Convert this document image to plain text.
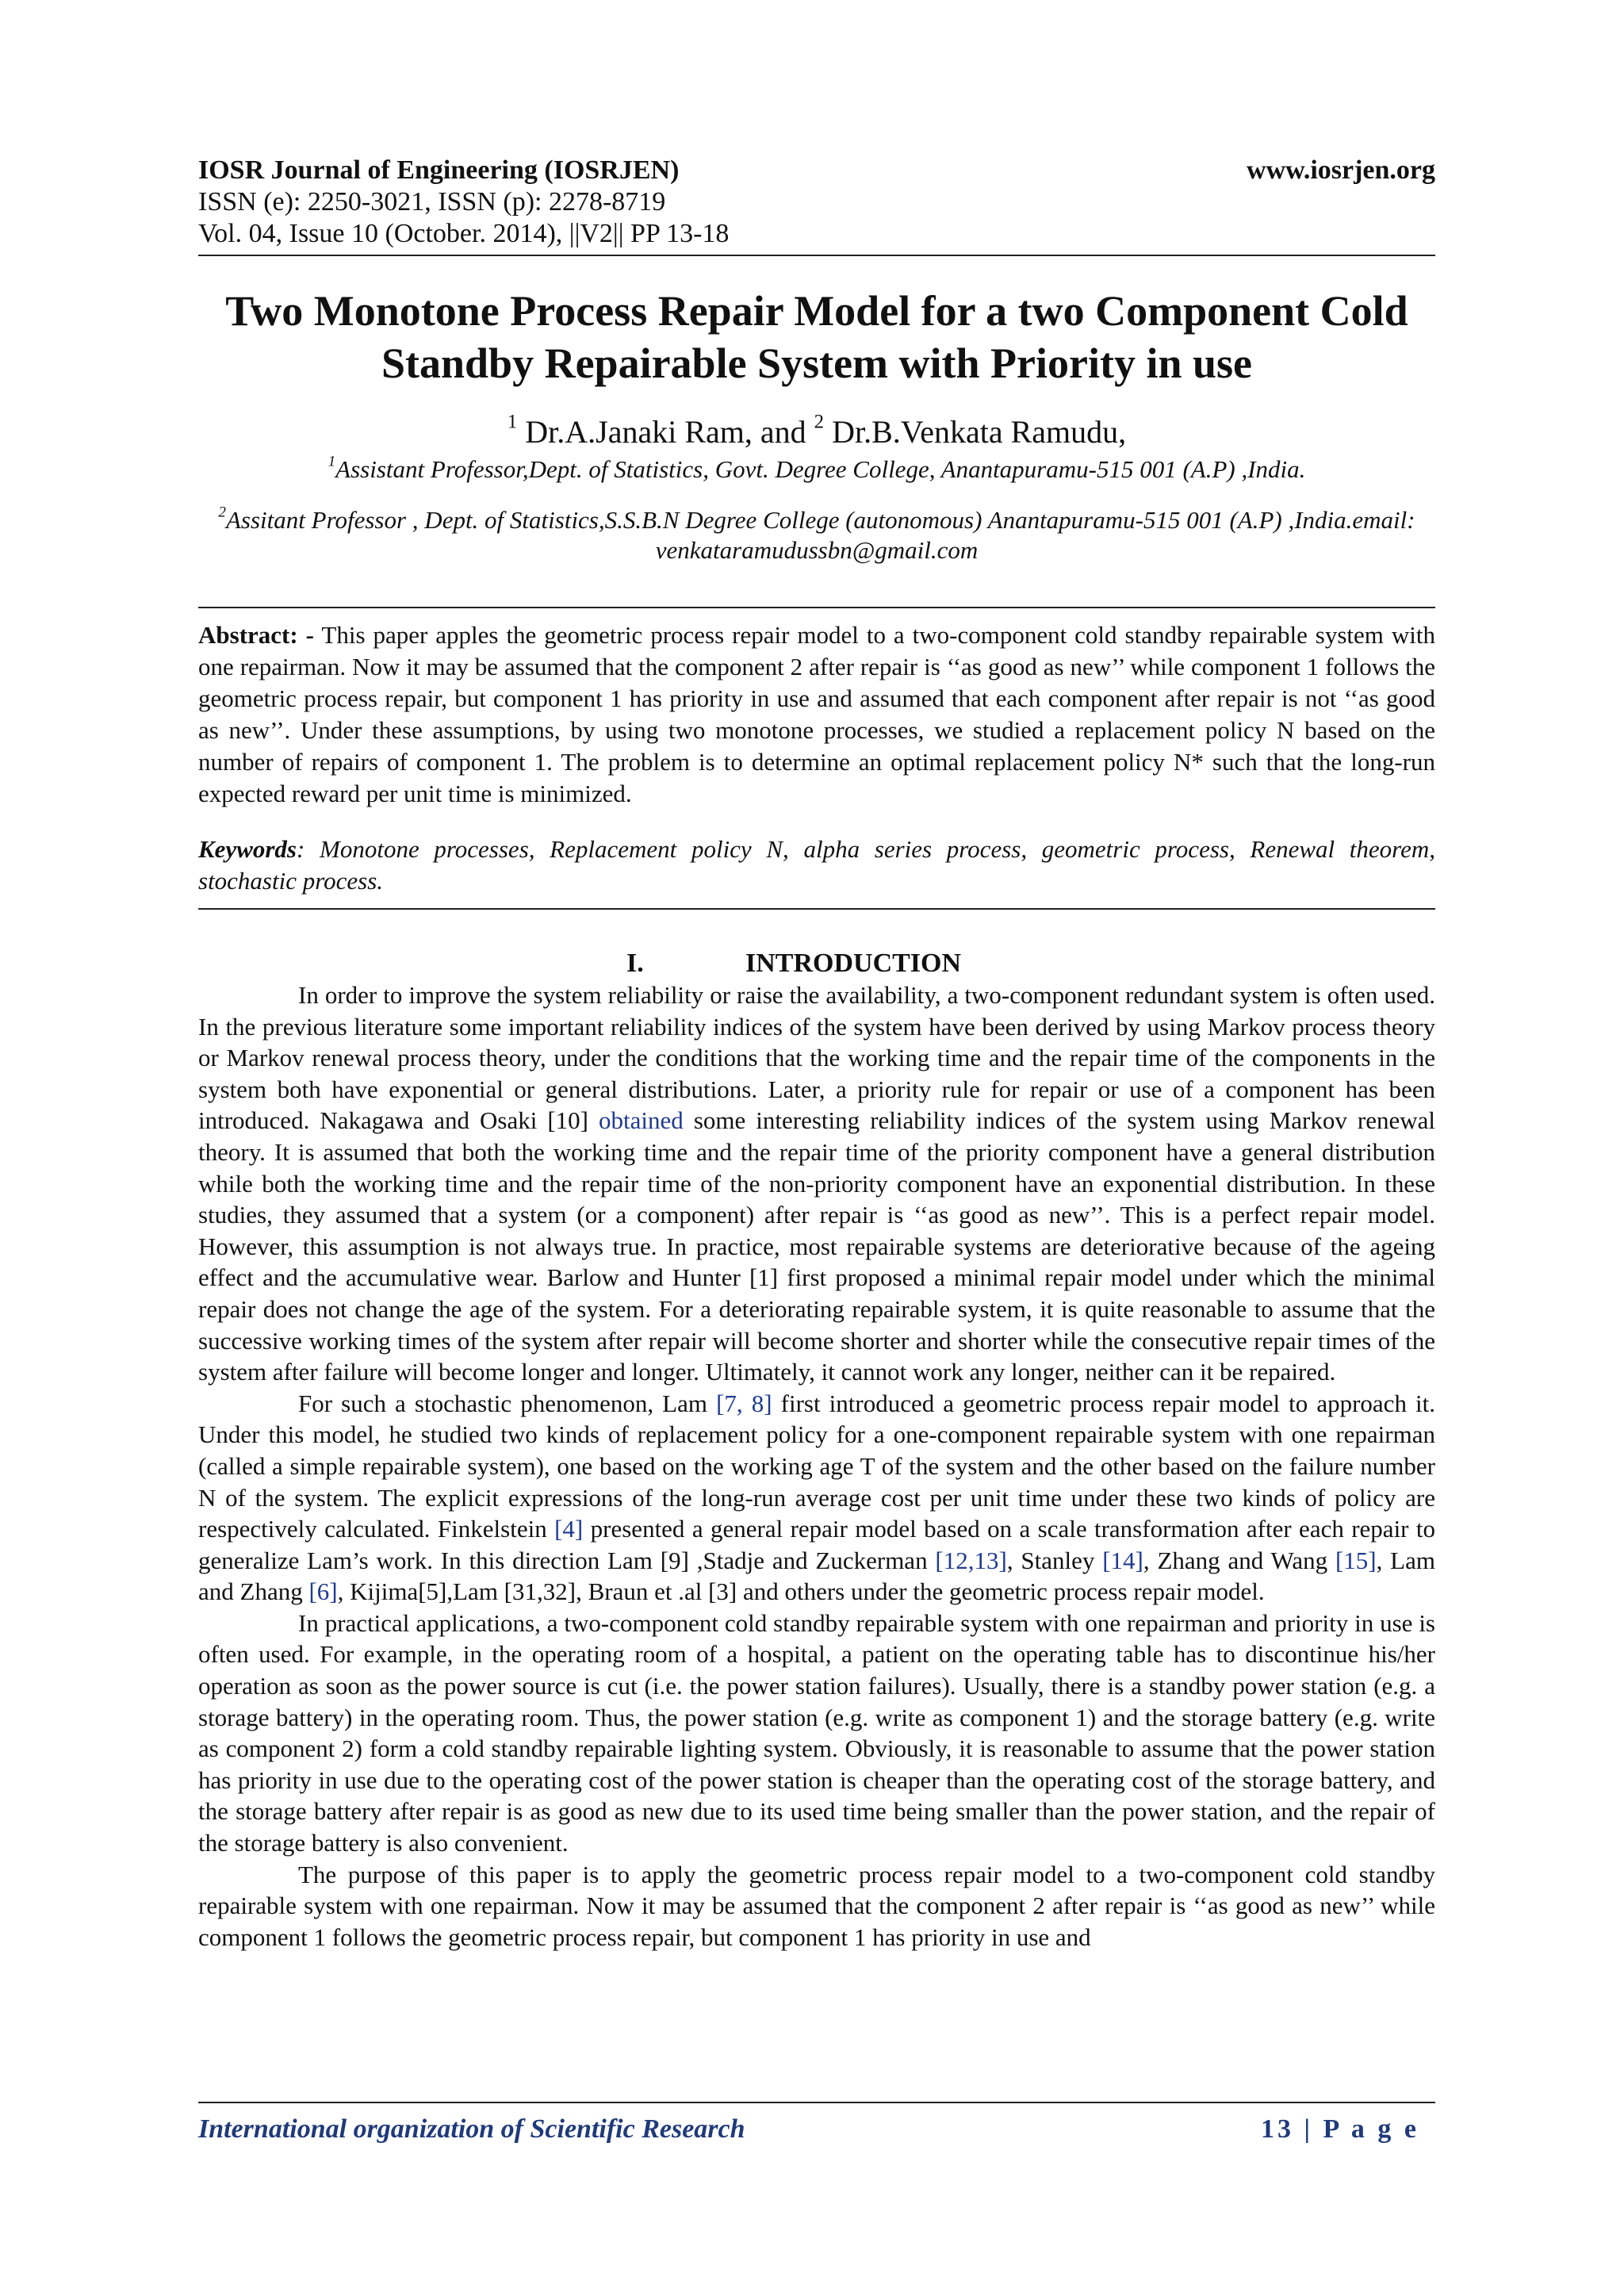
IOSR Journal of Engineering (IOSRJEN)	www.iosrjen.org
ISSN (e): 2250-3021, ISSN (p): 2278-8719
Vol. 04, Issue 10 (October. 2014), ||V2|| PP 13-18
Two Monotone Process Repair Model for a two Component Cold
Standby Repairable System with Priority in use
$^1$ Dr.A.Janaki Ram, and $^2$ Dr.B.Venkata Ramudu,
$^1$Assistant Professor,Dept. of Statistics, Govt. Degree College, Anantapuramu-515 001 (A.P) ,India.
$^2$Assitant Professor , Dept. of Statistics,S.S.B.N Degree College (autonomous) Anantapuramu-515 001 (A.P) ,India.email: venkataramudussbn@gmail.com

Abstract: - This paper apples the geometric process repair model to a two-component cold standby repairable system with one repairman. Now it may be assumed that the component 2 after repair is ‘‘as good as new’’ while component 1 follows the geometric process repair, but component 1 has priority in use and assumed that each component after repair is not ‘‘as good as new’’. Under these assumptions, by using two monotone processes, we studied a replacement policy N based on the number of repairs of component 1. The problem is to determine an optimal replacement policy N* such that the long-run expected reward per unit time is minimized.

Keywords: Monotone processes, Replacement policy N, alpha series process, geometric process, Renewal theorem, stochastic process.

I.	INTRODUCTION

In order to improve the system reliability or raise the availability, a two-component redundant system is often used. In the previous literature some important reliability indices of the system have been derived by using Markov process theory or Markov renewal process theory, under the conditions that the working time and the repair time of the components in the system both have exponential or general distributions. Later, a priority rule for repair or use of a component has been introduced. Nakagawa and Osaki [10] obtained some interesting reliability indices of the system using Markov renewal theory. It is assumed that both the working time and the repair time of the priority component have a general distribution while both the working time and the repair time of the non-priority component have an exponential distribution. In these studies, they assumed that a system (or a component) after repair is ‘‘as good as new’’. This is a perfect repair model. However, this assumption is not always true. In practice, most repairable systems are deteriorative because of the ageing effect and the accumulative wear. Barlow and Hunter [1] first proposed a minimal repair model under which the minimal repair does not change the age of the system. For a deteriorating repairable system, it is quite reasonable to assume that the successive working times of the system after repair will become shorter and shorter while the consecutive repair times of the system after failure will become longer and longer. Ultimately, it cannot work any longer, neither can it be repaired.

For such a stochastic phenomenon, Lam [7, 8] first introduced a geometric process repair model to approach it. Under this model, he studied two kinds of replacement policy for a one-component repairable system with one repairman (called a simple repairable system), one based on the working age T of the system and the other based on the failure number N of the system. The explicit expressions of the long-run average cost per unit time under these two kinds of policy are respectively calculated. Finkelstein [4] presented a general repair model based on a scale transformation after each repair to generalize Lam’s work. In this direction Lam [9] ,Stadje and Zuckerman [12,13], Stanley [14], Zhang and Wang [15], Lam and Zhang [6], Kijima[5],Lam [31,32], Braun et .al [3] and others under the geometric process repair model.

In practical applications, a two-component cold standby repairable system with one repairman and priority in use is often used. For example, in the operating room of a hospital, a patient on the operating table has to discontinue his/her operation as soon as the power source is cut (i.e. the power station failures). Usually, there is a standby power station (e.g. a storage battery) in the operating room. Thus, the power station (e.g. write as component 1) and the storage battery (e.g. write as component 2) form a cold standby repairable lighting system. Obviously, it is reasonable to assume that the power station has priority in use due to the operating cost of the power station is cheaper than the operating cost of the storage battery, and the storage battery after repair is as good as new due to its used time being smaller than the power station, and the repair of the storage battery is also convenient.

The purpose of this paper is to apply the geometric process repair model to a two-component cold standby repairable system with one repairman. Now it may be assumed that the component 2 after repair is ‘‘as good as new’’ while component 1 follows the geometric process repair, but component 1 has priority in use and

International organization of Scientific Research	13 | P a g e
